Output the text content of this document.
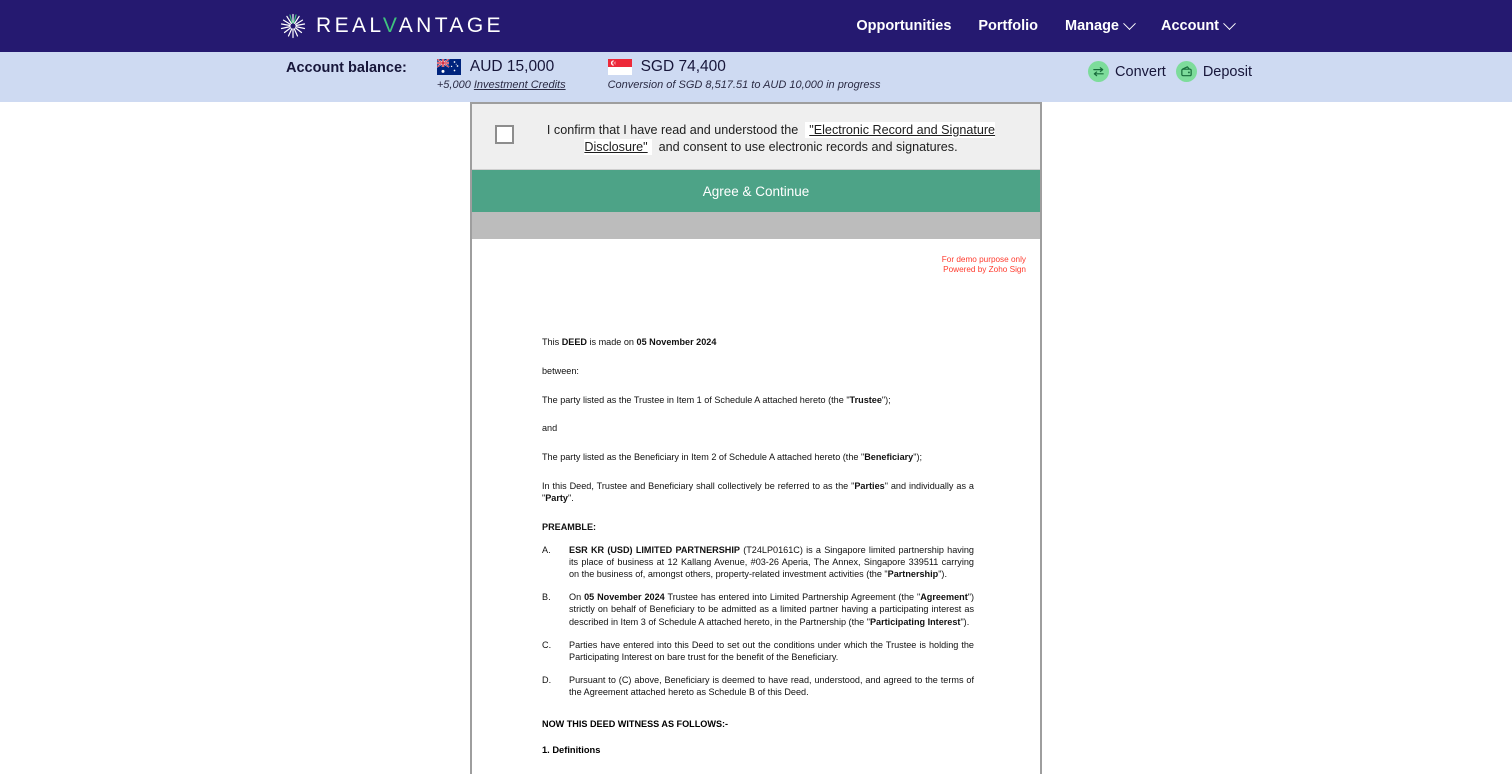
REALVANTAGE	Opportunities Portfolio Manage	Account
Account balance:	AUD 15,000
+5,000 Investment Credits
SGD 74,400
Conversion of SGD 8,517.51 to AUD 10,000 in progress
Convert	Deposit
I confirm that I have read and understood the "Electronic Record and Signature Disclosure" and consent to use electronic records and signatures.
Agree & Continue
For demo purpose only
Powered by Zoho Sign
This DEED is made on 05 November 2024
between:
The party listed as the Trustee in Item 1 of Schedule A attached hereto (the "Trustee");
and
The party listed as the Beneficiary in Item 2 of Schedule A attached hereto (the "Beneficiary");
In this Deed, Trustee and Beneficiary shall collectively be referred to as the "Parties" and individually as a "Party".
PREAMBLE:
A.	ESR KR (USD) LIMITED PARTNERSHIP (T24LP0161C) is a Singapore limited partnership having its place of business at 12 Kallang Avenue, #03-26 Aperia, The Annex, Singapore 339511 carrying on the business of, amongst others, property-related investment activities (the "Partnership").
B.	On 05 November 2024 Trustee has entered into Limited Partnership Agreement (the "Agreement") strictly on behalf of Beneficiary to be admitted as a limited partner having a participating interest as described in Item 3 of Schedule A attached hereto, in the Partnership (the "Participating Interest").
C.	Parties have entered into this Deed to set out the conditions under which the Trustee is holding the Participating Interest on bare trust for the benefit of the Beneficiary.
D.	Pursuant to (C) above, Beneficiary is deemed to have read, understood, and agreed to the terms of the Agreement attached hereto as Schedule B of this Deed.
NOW THIS DEED WITNESS AS FOLLOWS:-
1. Definitions
